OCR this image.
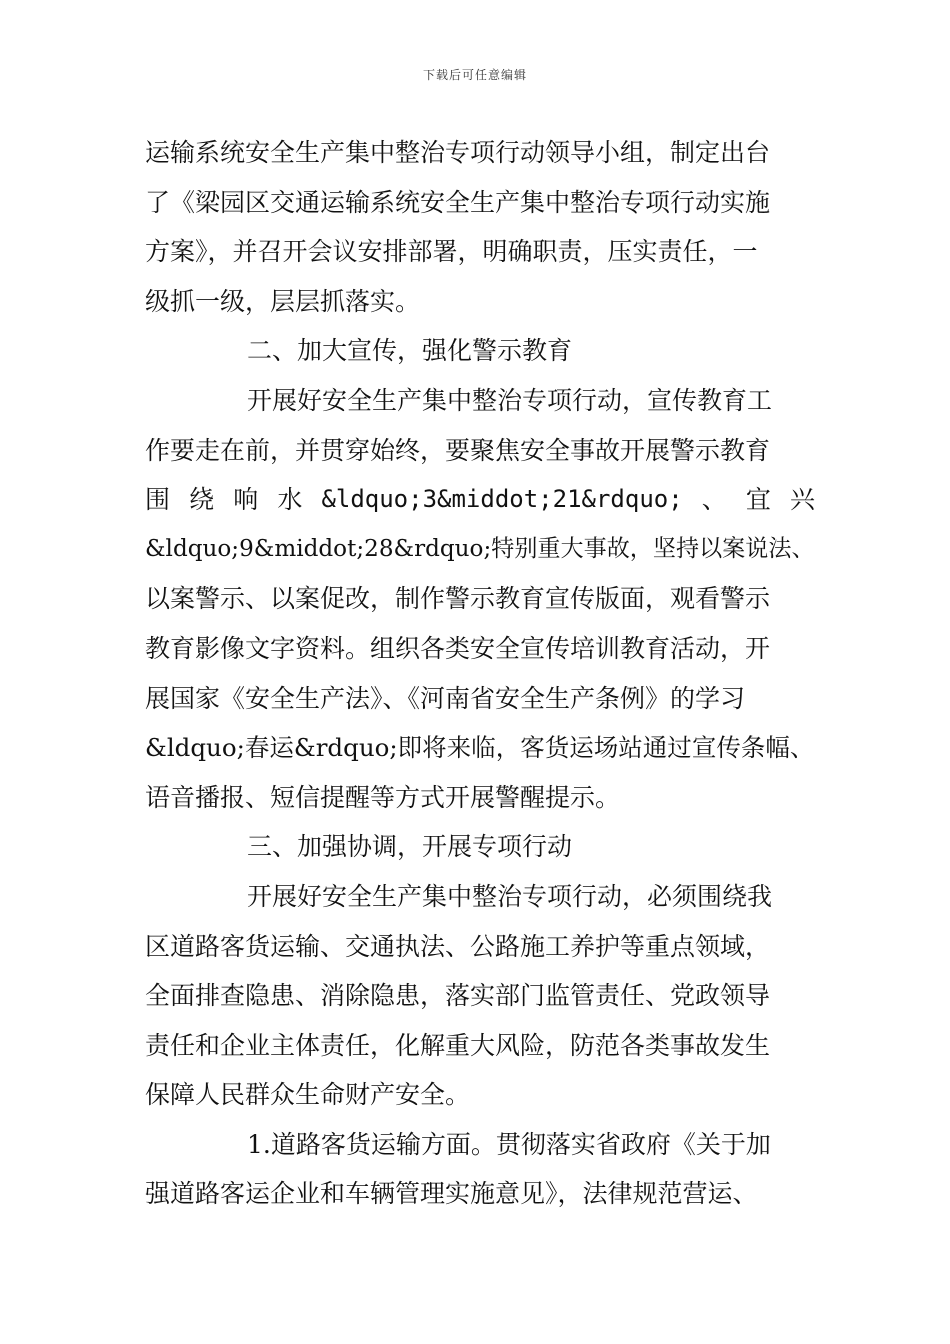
下载后可任意编辑
运输系统安全生产集中整治专项行动领导小组，制定出台
了《梁园区交通运输系统安全生产集中整治专项行动实施
方案》，并召开会议安排部署，明确职责，压实责任，一
级抓一级，层层抓落实。
二、加大宣传，强化警示教育
开展好安全生产集中整治专项行动，宣传教育工
作要走在前，并贯穿始终，要聚焦安全事故开展警示教育
围 绕 响 水 &ldquo;3&middot;21&rdquo; 、 宜 兴
&ldquo;9&middot;28&rdquo;特别重大事故，坚持以案说法、
以案警示、以案促改，制作警示教育宣传版面，观看警示
教育影像文字资料。组织各类安全宣传培训教育活动，开
展国家《安全生产法》、《河南省安全生产条例》的学习
&ldquo;春运&rdquo;即将来临，客货运场站通过宣传条幅、
语音播报、短信提醒等方式开展警醒提示。
三、加强协调，开展专项行动
开展好安全生产集中整治专项行动，必须围绕我
区道路客货运输、交通执法、公路施工养护等重点领域，
全面排查隐患、消除隐患，落实部门监管责任、党政领导
责任和企业主体责任，化解重大风险，防范各类事故发生
保障人民群众生命财产安全。
1.道路客货运输方面。贯彻落实省政府《关于加
强道路客运企业和车辆管理实施意见》，法律规范营运、
